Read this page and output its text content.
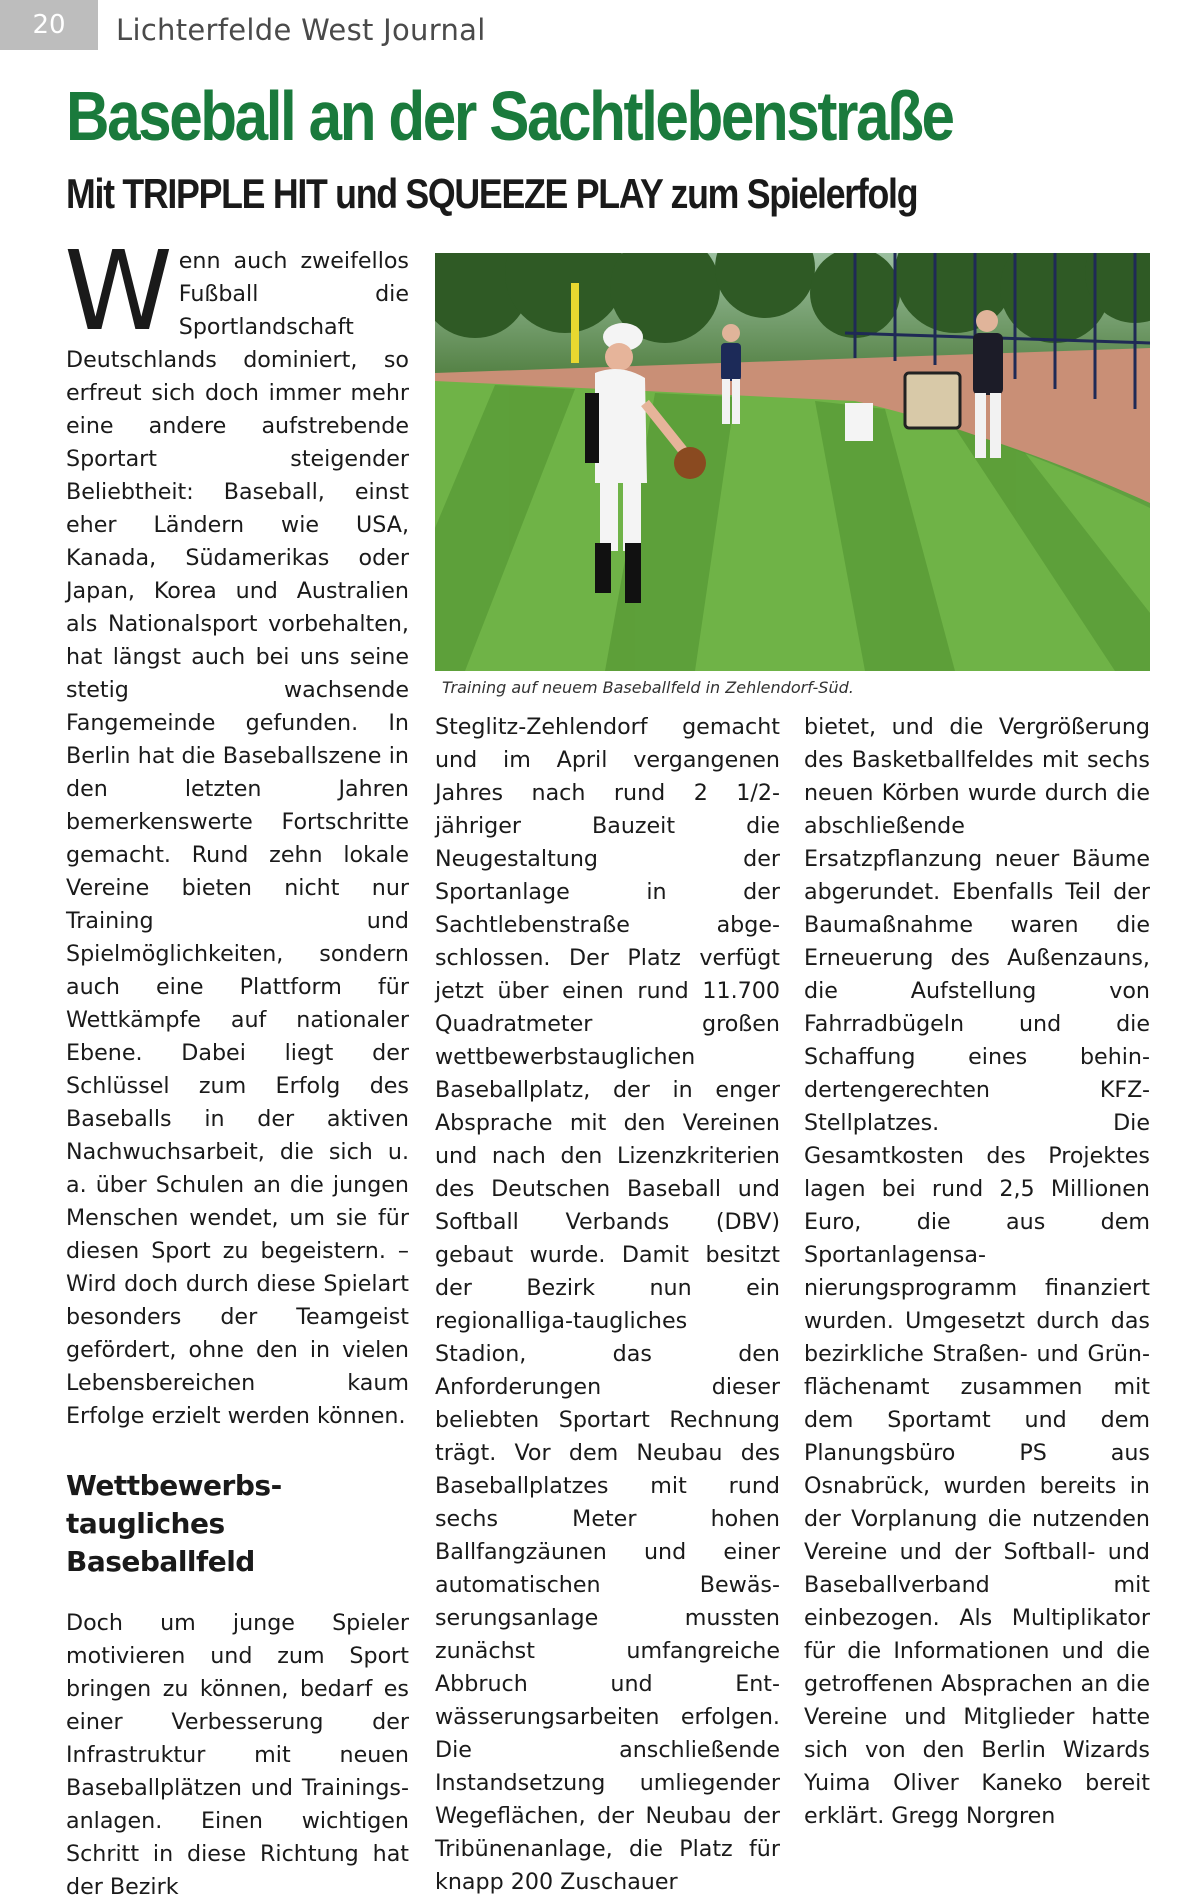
20	Lichterfelde West Journal
Baseball an der Sachtlebenstraße
Mit TRIPPLE HIT und SQUEEZE PLAY zum Spielerfolg
W enn auch zweifellos Fußball die Sportlandschaft Deutschlands dominiert, so erfreut sich doch immer mehr eine andere aufstrebende Sportart steigender Beliebtheit: Baseball, einst eher Ländern wie USA, Kanada, Südamerikas oder Japan, Korea und Australien als Nationalsport vorbehalten, hat längst auch bei uns seine stetig wachsende Fangemeinde gefunden. In Berlin hat die Baseballszene in den letzten Jahren bemerkenswerte Fortschritte gemacht. Rund zehn lokale Vereine bieten nicht nur Training und Spielmöglichkeiten, sondern auch eine Plattform für Wettkämpfe auf nationaler Ebene. Dabei liegt der Schlüssel zum Erfolg des Baseballs in der aktiven Nachwuchsarbeit, die sich u. a. über Schulen an die jungen Menschen wendet, um sie für diesen Sport zu begeistern. – Wird doch durch diese Spielart besonders der Teamgeist gefördert, ohne den in vielen Lebensbereichen kaum Erfolge erzielt werden können.

Wettbewerbstaugliches Baseballfeld

Doch um junge Spieler motivieren und zum Sport bringen zu können, bedarf es einer Verbesserung der Infrastruktur mit neuen Baseballplätzen und Trainingsanlagen. Einen wichtigen Schritt in diese Richtung hat der Bezirk

Training auf neuem Baseballfeld in Zehlendorf-Süd.

Steglitz-Zehlendorf gemacht und im April vergangenen Jahres nach rund 2 1/2-jähriger Bauzeit die Neugestaltung der Sportanlage in der Sachtlebenstraße abgeschlossen. Der Platz verfügt jetzt über einen rund 11.700 Quadratmeter großen wettbewerbstauglichen Baseballplatz, der in enger Absprache mit den Vereinen und nach den Lizenzkriterien des Deutschen Baseball und Softball Verbands (DBV) gebaut wurde. Damit besitzt der Bezirk nun ein regionalliga-taugliches Stadion, das den Anforderungen dieser beliebten Sportart Rechnung trägt. Vor dem Neubau des Baseballplatzes mit rund sechs Meter hohen Ballfangzäunen und einer automatischen Bewässerungsanlage mussten zunächst umfangreiche Abbruch und Entwässerungsarbeiten erfolgen. Die anschließende Instandsetzung umliegender Wegeflächen, der Neubau der Tribünenanlage, die Platz für knapp 200 Zuschauer

bietet, und die Vergrößerung des Basketballfeldes mit sechs neuen Körben wurde durch die abschließende Ersatzpflanzung neuer Bäume abgerundet. Ebenfalls Teil der Baumaßnahme waren die Erneuerung des Außenzauns, die Aufstellung von Fahrradbügeln und die Schaffung eines behindertengerechten KFZ-Stellplatzes. Die Gesamtkosten des Projektes lagen bei rund 2,5 Millionen Euro, die aus dem Sportanlagensanierungsprogramm finanziert wurden. Umgesetzt durch das bezirkliche Straßen- und Grünflächenamt zusammen mit dem Sportamt und dem Planungsbüro PS aus Osnabrück, wurden bereits in der Vorplanung die nutzenden Vereine und der Softball- und Baseballverband mit einbezogen. Als Multiplikator für die Informationen und die getroffenen Absprachen an die Vereine und Mitglieder hatte sich von den Berlin Wizards Yuima Oliver Kaneko bereit erklärt. Gregg Norgren
